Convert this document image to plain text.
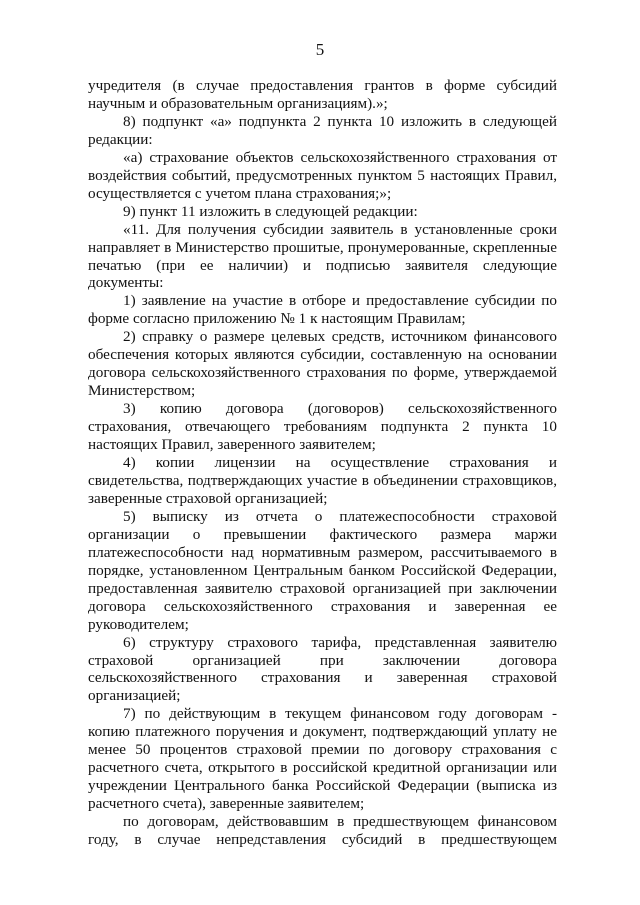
5

учредителя (в случае предоставления грантов в форме субсидий научным и образовательным организациям).»;

8) подпункт «а» подпункта 2 пункта 10 изложить в следующей редакции:

«а) страхование объектов сельскохозяйственного страхования от воздействия событий, предусмотренных пунктом 5 настоящих Правил, осуществляется с учетом плана страхования;»;

9) пункт 11 изложить в следующей редакции:

«11. Для получения субсидии заявитель в установленные сроки направляет в Министерство прошитые, пронумерованные, скрепленные печатью (при ее наличии) и подписью заявителя следующие документы:

1) заявление на участие в отборе и предоставление субсидии по форме согласно приложению № 1 к настоящим Правилам;

2) справку о размере целевых средств, источником финансового обеспечения которых являются субсидии, составленную на основании договора сельскохозяйственного страхования по форме, утверждаемой Министерством;

3) копию договора (договоров) сельскохозяйственного страхования, отвечающего требованиям подпункта 2 пункта 10 настоящих Правил, заверенного заявителем;

4) копии лицензии на осуществление страхования и свидетельства, подтверждающих участие в объединении страховщиков, заверенные страховой организацией;

5) выписку из отчета о платежеспособности страховой организации о превышении фактического размера маржи платежеспособности над нормативным размером, рассчитываемого в порядке, установленном Центральным банком Российской Федерации, предоставленная заявителю страховой организацией при заключении договора сельскохозяйственного страхования и заверенная ее руководителем;

6) структуру страхового тарифа, представленная заявителю страховой организацией при заключении договора сельскохозяйственного страхования и заверенная страховой организацией;

7) по действующим в текущем финансовом году договорам - копию платежного поручения и документ, подтверждающий уплату не менее 50 процентов страховой премии по договору страхования с расчетного счета, открытого в российской кредитной организации или учреждении Центрального банка Российской Федерации (выписка из расчетного счета), заверенные заявителем;

по договорам, действовавшим в предшествующем финансовом году, в случае непредставления субсидий в предшествующем
